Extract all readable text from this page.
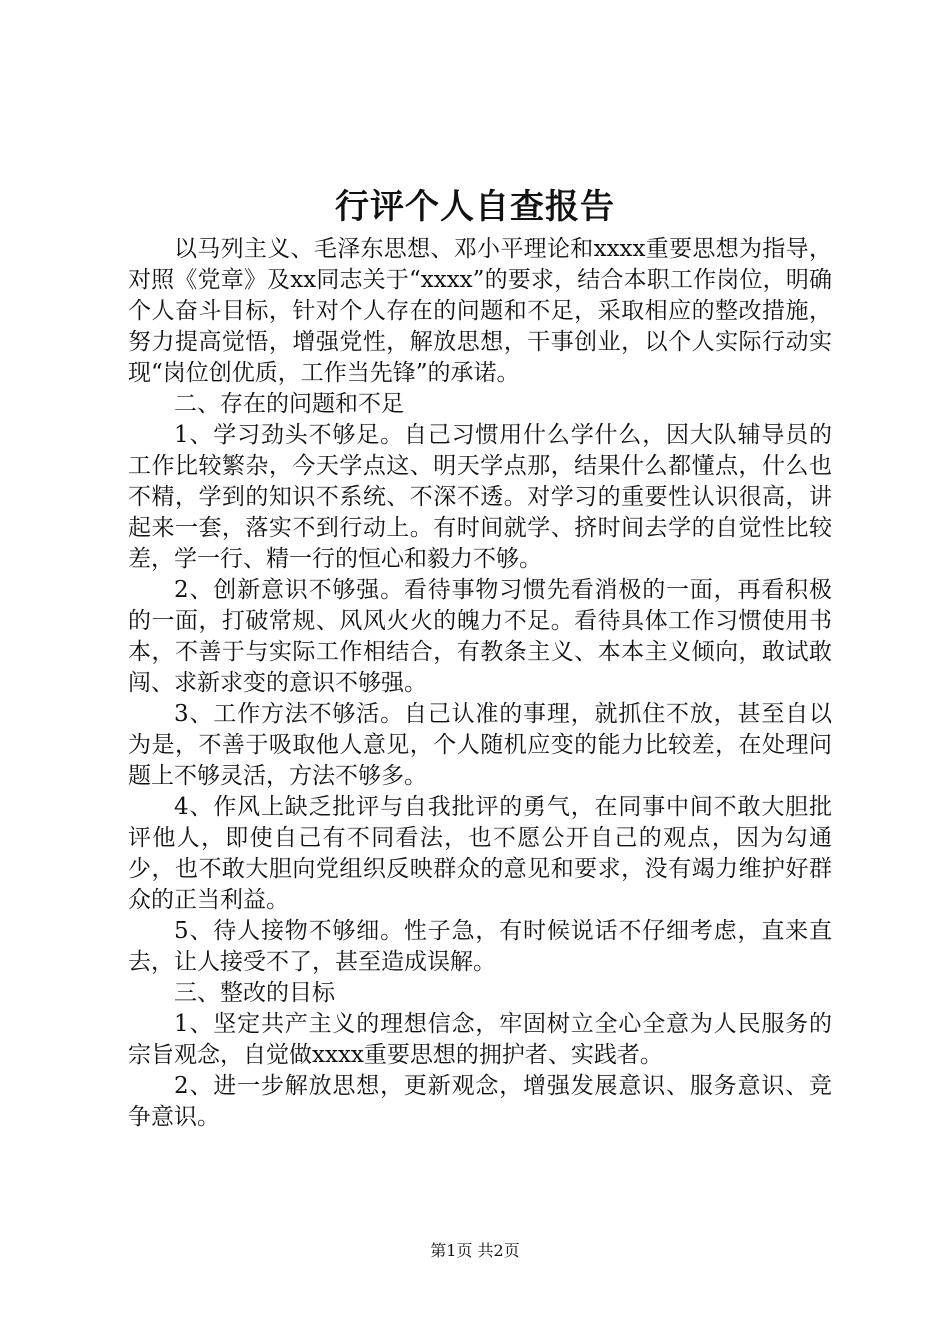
行评个人自查报告

以马列主义、毛泽东思想、邓小平理论和xxxx重要思想为指导，对照《党章》及xx同志关于“xxxx”的要求，结合本职工作岗位，明确个人奋斗目标，针对个人存在的问题和不足，采取相应的整改措施，努力提高觉悟，增强党性，解放思想，干事创业，以个人实际行动实现“岗位创优质，工作当先锋”的承诺。

二、存在的问题和不足

1、学习劲头不够足。自己习惯用什么学什么，因大队辅导员的工作比较繁杂，今天学点这、明天学点那，结果什么都懂点，什么也不精，学到的知识不系统、不深不透。对学习的重要性认识很高，讲起来一套，落实不到行动上。有时间就学、挤时间去学的自觉性比较差，学一行、精一行的恒心和毅力不够。

2、创新意识不够强。看待事物习惯先看消极的一面，再看积极的一面，打破常规、风风火火的魄力不足。看待具体工作习惯使用书本，不善于与实际工作相结合，有教条主义、本本主义倾向，敢试敢闯、求新求变的意识不够强。

3、工作方法不够活。自己认准的事理，就抓住不放，甚至自以为是，不善于吸取他人意见，个人随机应变的能力比较差，在处理问题上不够灵活，方法不够多。

4、作风上缺乏批评与自我批评的勇气，在同事中间不敢大胆批评他人，即使自己有不同看法，也不愿公开自己的观点，因为勾通少，也不敢大胆向党组织反映群众的意见和要求，没有竭力维护好群众的正当利益。

5、待人接物不够细。性子急，有时候说话不仔细考虑，直来直去，让人接受不了，甚至造成误解。

三、整改的目标

1、坚定共产主义的理想信念，牢固树立全心全意为人民服务的宗旨观念，自觉做xxxx重要思想的拥护者、实践者。

2、进一步解放思想，更新观念，增强发展意识、服务意识、竞争意识。

第1页 共2页
